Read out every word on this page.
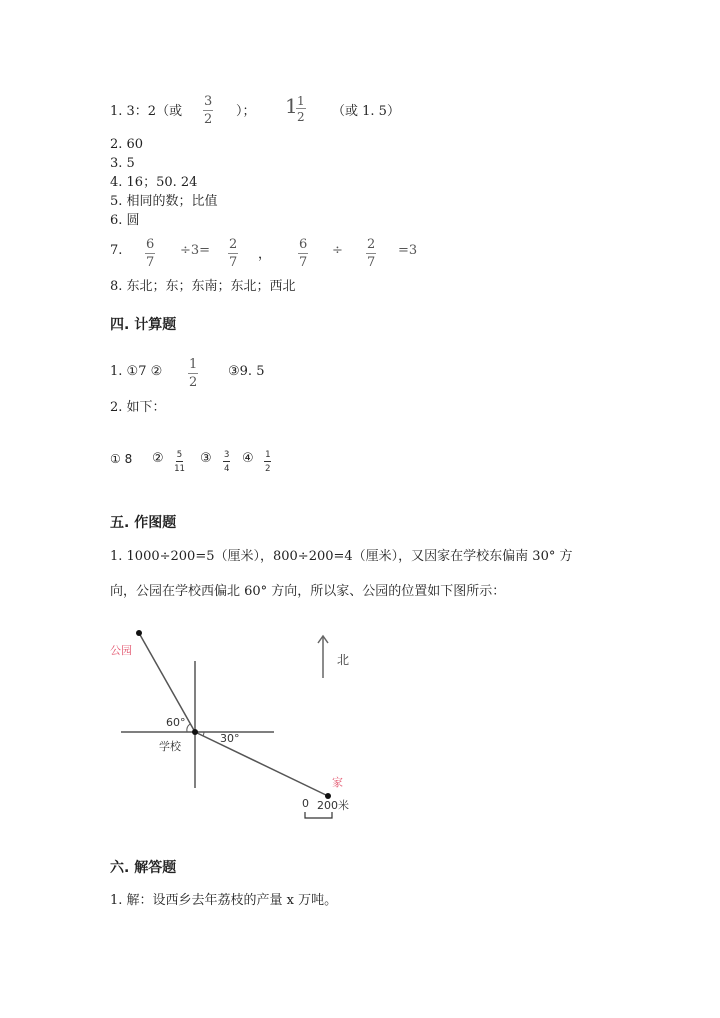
1. 3：2（或 $\frac{3}{2}$ ）； 1
$\frac{1}{2}$ （或 1. 5）
2. 60
3. 5
4. 16；50. 24
5. 相同的数；比值
6. 圆
7. $\frac{6}{7} \div 3= \frac{2}{7}$ ， $\frac{6}{7} \div \frac{2}{7} =3$
8. 东北；东；东南；东北；西北
四. 计算题
1. ①7 ② $\frac{1}{2}$ ③9. 5
2. 如下：
① 8 ② $\frac{5}{11}$ ③ $\frac{3}{4}$ ④ $\frac{1}{2}$
五. 作图题
1. 1000÷200=5（厘米），800÷200=4（厘米），又因家在学校东偏南 30° 方
向，公园在学校西偏北 60° 方向，所以家、公园的位置如下图所示：
公园
60°
学校
30°
北
家
0 200米
六. 解答题
1. 解：设西乡去年荔枝的产量 x 万吨。
